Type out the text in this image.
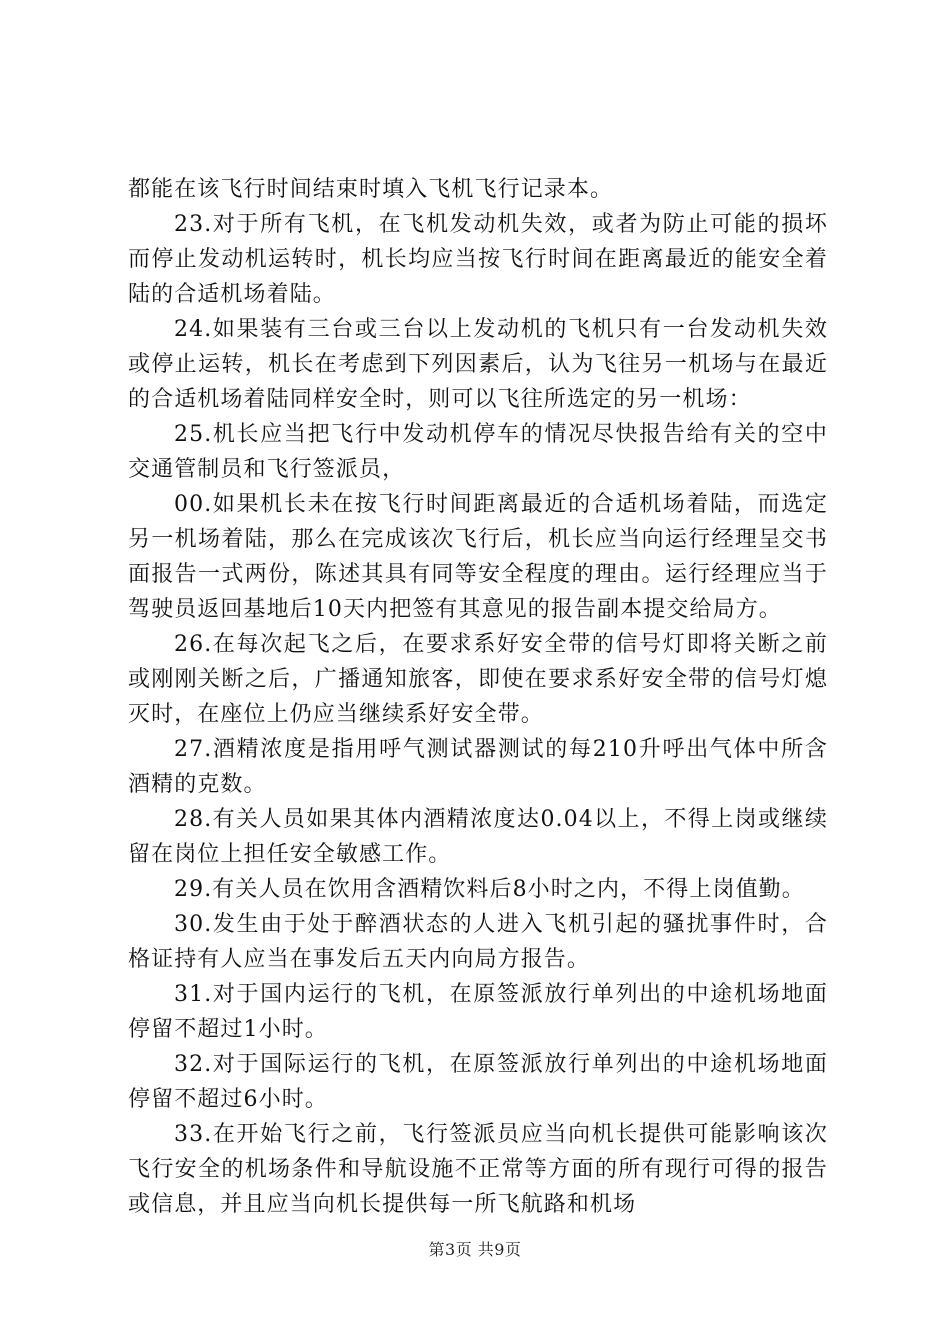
都能在该飞行时间结束时填入飞机飞行记录本。

23.对于所有飞机，在飞机发动机失效，或者为防止可能的损坏而停止发动机运转时，机长均应当按飞行时间在距离最近的能安全着陆的合适机场着陆。

24.如果装有三台或三台以上发动机的飞机只有一台发动机失效或停止运转，机长在考虑到下列因素后，认为飞往另一机场与在最近的合适机场着陆同样安全时，则可以飞往所选定的另一机场：

25.机长应当把飞行中发动机停车的情况尽快报告给有关的空中交通管制员和飞行签派员，

00.如果机长未在按飞行时间距离最近的合适机场着陆，而选定另一机场着陆，那么在完成该次飞行后，机长应当向运行经理呈交书面报告一式两份，陈述其具有同等安全程度的理由。运行经理应当于驾驶员返回基地后10天内把签有其意见的报告副本提交给局方。

26.在每次起飞之后，在要求系好安全带的信号灯即将关断之前或刚刚关断之后，广播通知旅客，即使在要求系好安全带的信号灯熄灭时，在座位上仍应当继续系好安全带。

27.酒精浓度是指用呼气测试器测试的每210升呼出气体中所含酒精的克数。

28.有关人员如果其体内酒精浓度达0.04以上，不得上岗或继续留在岗位上担任安全敏感工作。

29.有关人员在饮用含酒精饮料后8小时之内，不得上岗值勤。

30.发生由于处于醉酒状态的人进入飞机引起的骚扰事件时，合格证持有人应当在事发后五天内向局方报告。

31.对于国内运行的飞机，在原签派放行单列出的中途机场地面停留不超过1小时。

32.对于国际运行的飞机，在原签派放行单列出的中途机场地面停留不超过6小时。

33.在开始飞行之前，飞行签派员应当向机长提供可能影响该次飞行安全的机场条件和导航设施不正常等方面的所有现行可得的报告或信息，并且应当向机长提供每一所飞航路和机场

第3页 共9页
